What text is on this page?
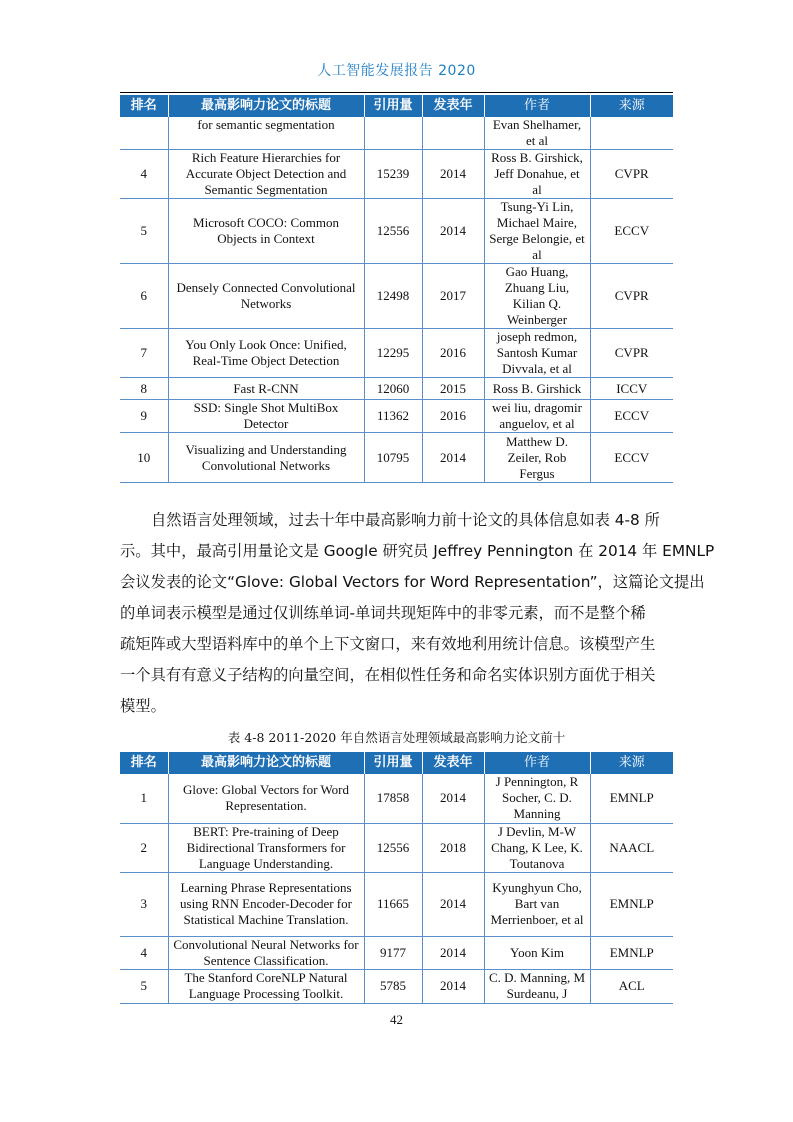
人工智能发展报告 2020
排名	最高影响力论文的标题	引用量	发表年	作者	来源
	for semantic segmentation			Evan Shelhamer, et al	
4	Rich Feature Hierarchies for Accurate Object Detection and Semantic Segmentation	15239	2014	Ross B. Girshick, Jeff Donahue, et al	CVPR
5	Microsoft COCO: Common Objects in Context	12556	2014	Tsung-Yi Lin, Michael Maire, Serge Belongie, et al	ECCV
6	Densely Connected Convolutional Networks	12498	2017	Gao Huang, Zhuang Liu, Kilian Q. Weinberger	CVPR
7	You Only Look Once: Unified, Real-Time Object Detection	12295	2016	joseph redmon, Santosh Kumar Divvala, et al	CVPR
8	Fast R-CNN	12060	2015	Ross B. Girshick	ICCV
9	SSD: Single Shot MultiBox Detector	11362	2016	wei liu, dragomir anguelov, et al	ECCV
10	Visualizing and Understanding Convolutional Networks	10795	2014	Matthew D. Zeiler, Rob Fergus	ECCV
自然语言处理领域，过去十年中最高影响力前十论文的具体信息如表 4-8 所
示。其中，最高引用量论文是 Google 研究员 Jeffrey Pennington 在 2014 年 EMNLP
会议发表的论文“Glove: Global Vectors for Word Representation”，这篇论文提出
的单词表示模型是通过仅训练单词-单词共现矩阵中的非零元素，而不是整个稀
疏矩阵或大型语料库中的单个上下文窗口，来有效地利用统计信息。该模型产生
一个具有有意义子结构的向量空间，在相似性任务和命名实体识别方面优于相关
模型。
表 4-8 2011-2020 年自然语言处理领域最高影响力论文前十
排名	最高影响力论文的标题	引用量	发表年	作者	来源
1	Glove: Global Vectors for Word Representation.	17858	2014	J Pennington, R Socher, C. D. Manning	EMNLP
2	BERT: Pre-training of Deep Bidirectional Transformers for Language Understanding.	12556	2018	J Devlin, M-W Chang, K Lee, K. Toutanova	NAACL
3	Learning Phrase Representations using RNN Encoder-Decoder for Statistical Machine Translation.	11665	2014	Kyunghyun Cho, Bart van Merrienboer, et al	EMNLP
4	Convolutional Neural Networks for Sentence Classification.	9177	2014	Yoon Kim	EMNLP
5	The Stanford CoreNLP Natural Language Processing Toolkit.	5785	2014	C. D. Manning, M Surdeanu, J	ACL
42
